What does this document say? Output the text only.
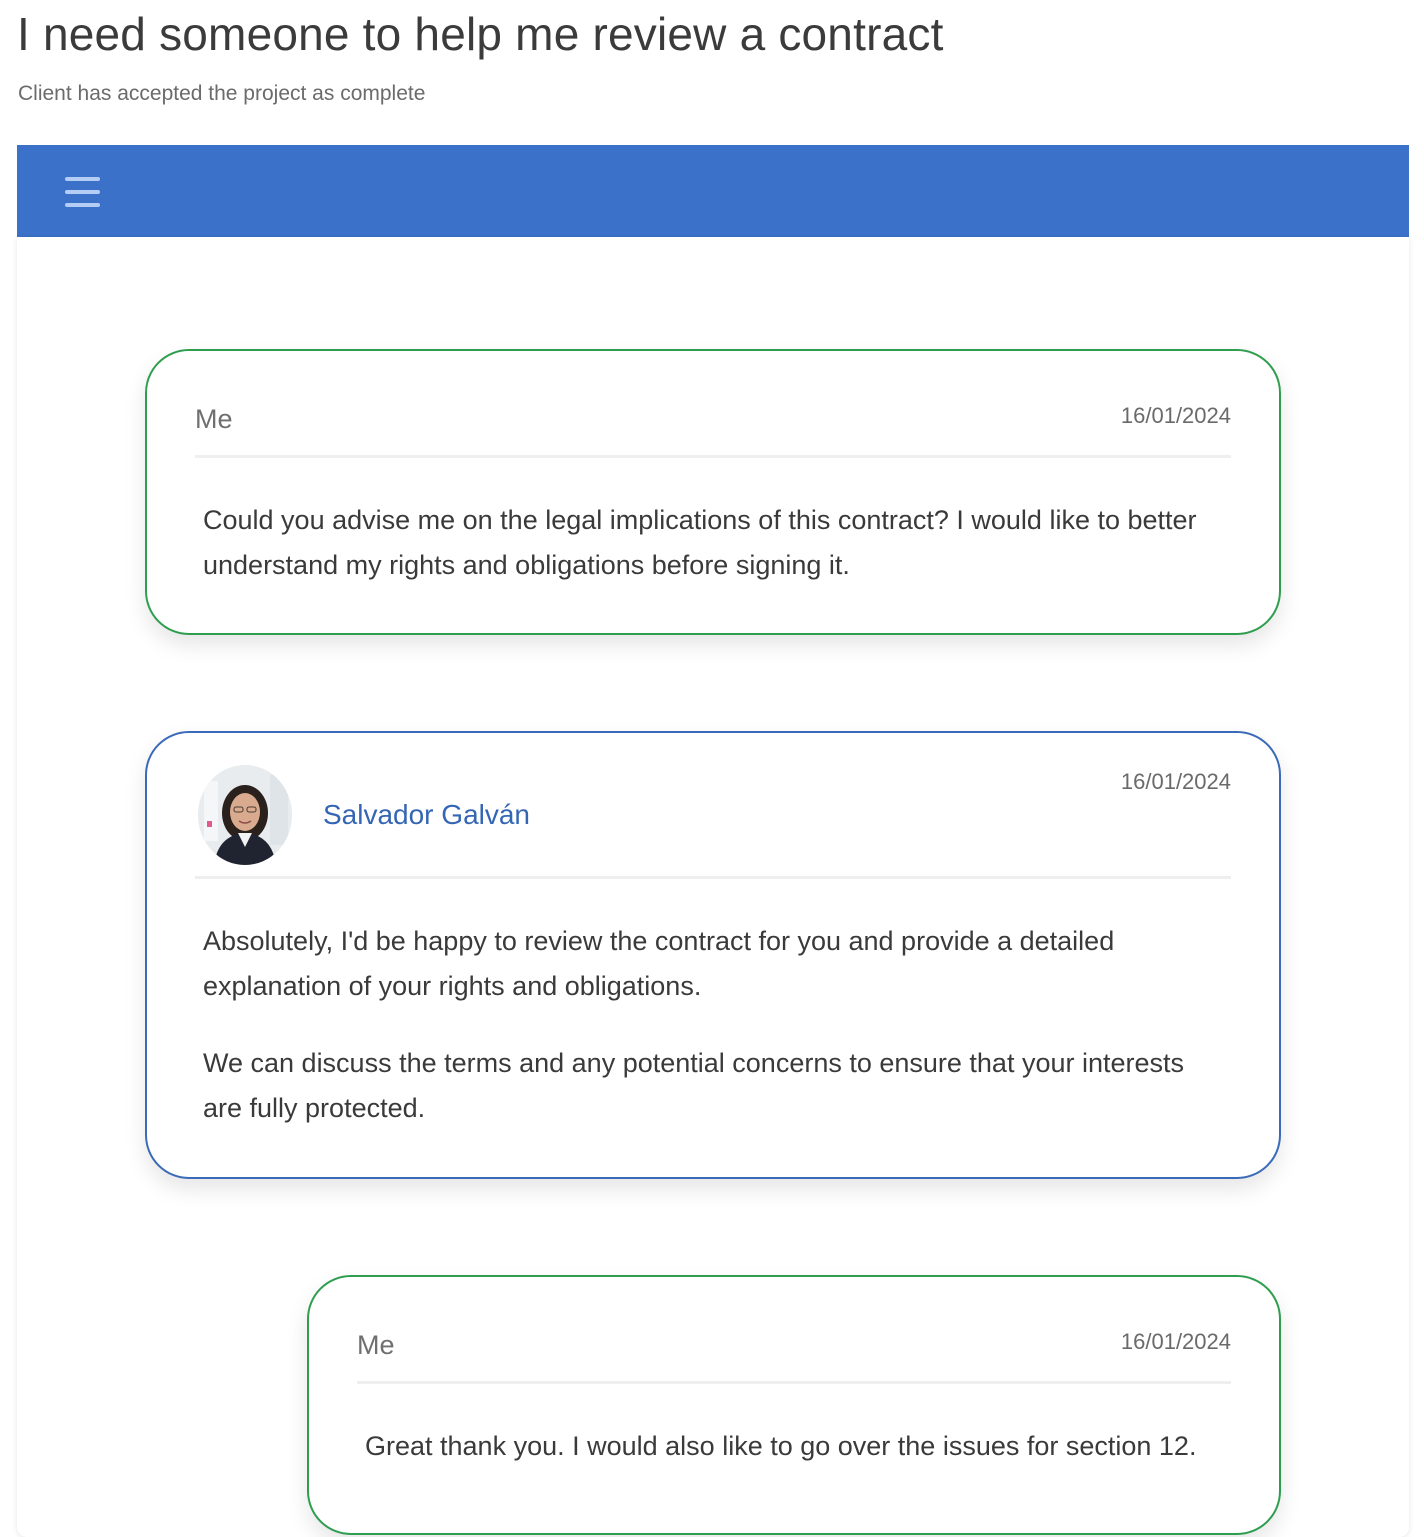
I need someone to help me review a contract
Client has accepted the project as complete
Me	16/01/2024

Could you advise me on the legal implications of this contract? I would like to better understand my rights and obligations before signing it.

Salvador Galván
16/01/2024

Absolutely, I'd be happy to review the contract for you and provide a detailed explanation of your rights and obligations.

We can discuss the terms and any potential concerns to ensure that your interests are fully protected.

Me	16/01/2024

Great thank you. I would also like to go over the issues for section 12.
